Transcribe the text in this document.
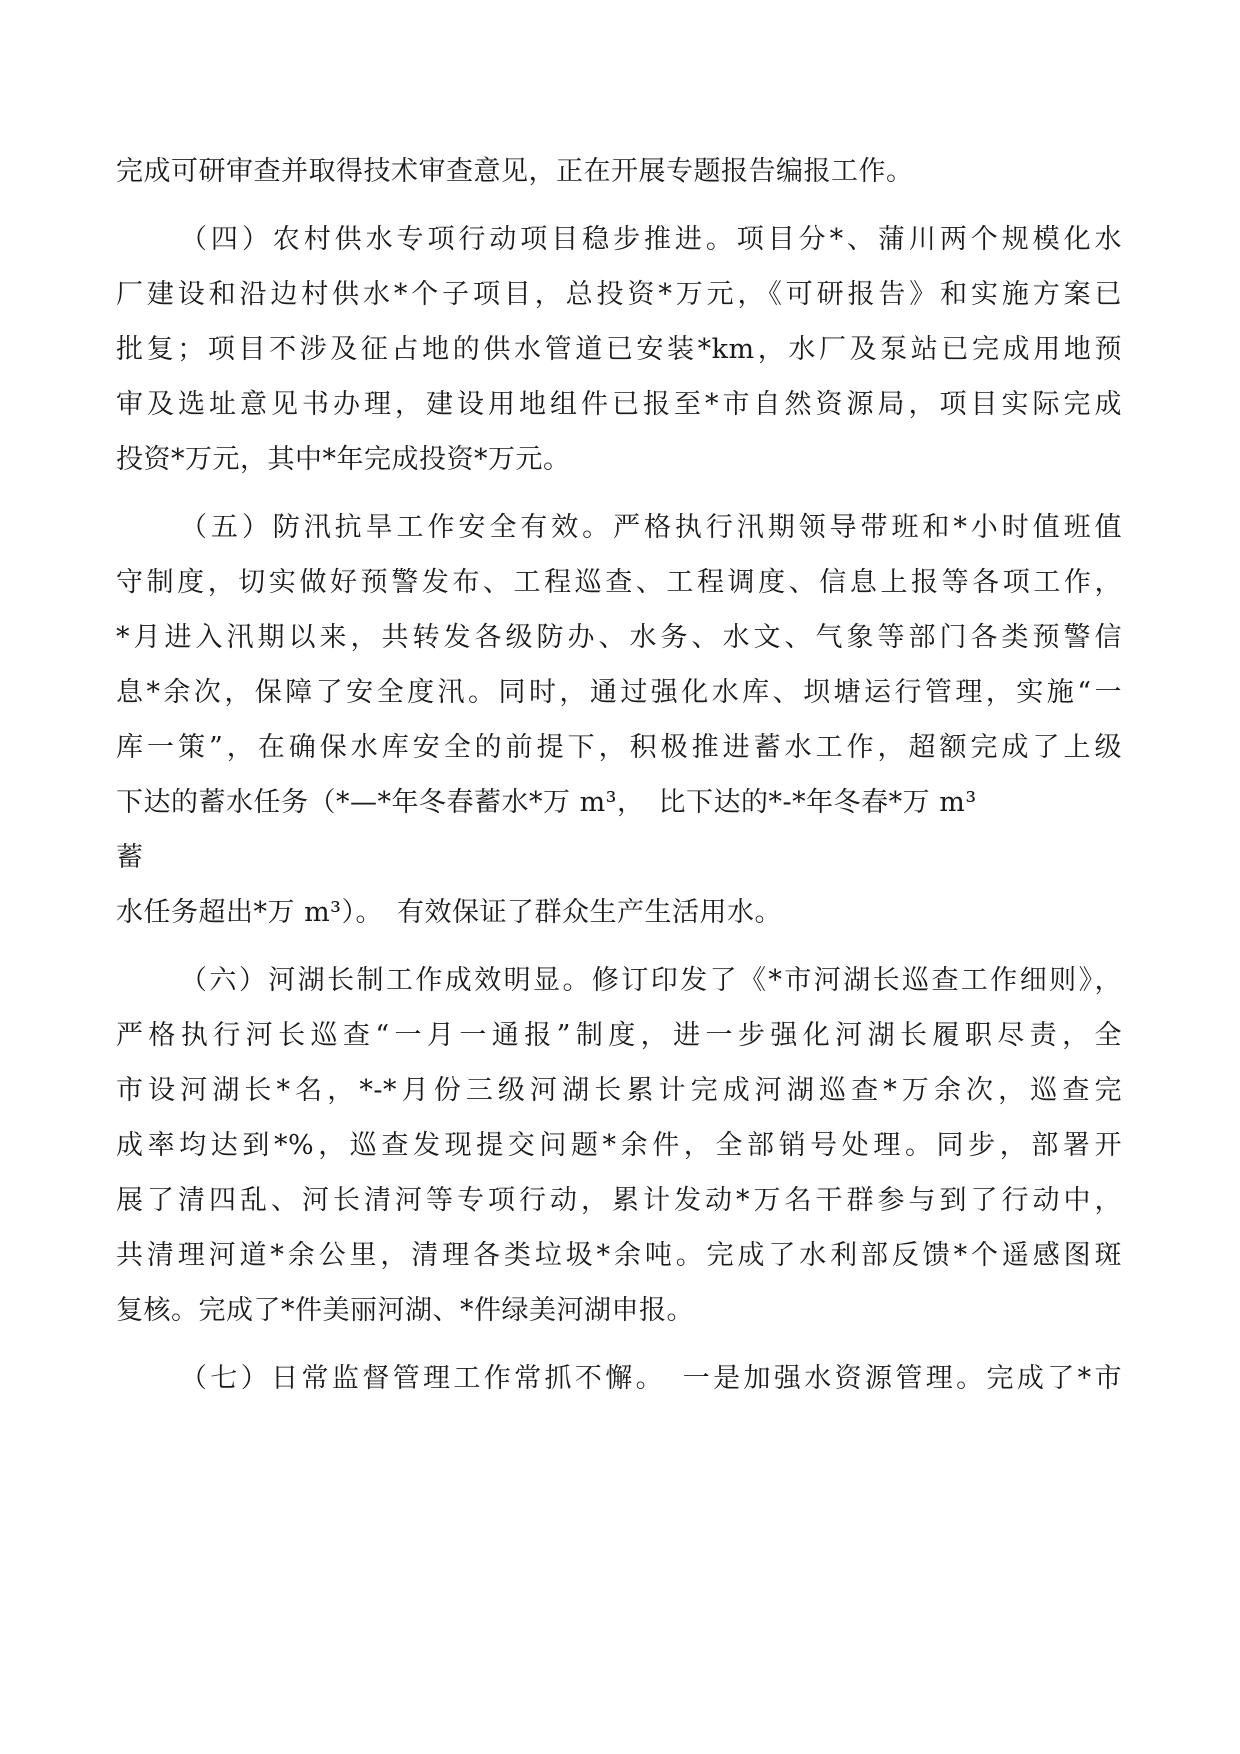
完成可研审查并取得技术审查意见，正在开展专题报告编报工作。

（四）农村供水专项行动项目稳步推进。项目分*、蒲川两个规模化水

厂建设和沿边村供水*个子项目，总投资*万元，《可研报告》和实施方案已

批复；项目不涉及征占地的供水管道已安装*km，水厂及泵站已完成用地预

审及选址意见书办理，建设用地组件已报至*市自然资源局，项目实际完成

投资*万元，其中*年完成投资*万元。

（五）防汛抗旱工作安全有效。严格执行汛期领导带班和*小时值班值

守制度，切实做好预警发布、工程巡查、工程调度、信息上报等各项工作，

*月进入汛期以来，共转发各级防办、水务、水文、气象等部门各类预警信

息*余次，保障了安全度汛。同时，通过强化水库、坝塘运行管理，实施“一

库一策”，在确保水库安全的前提下，积极推进蓄水工作，超额完成了上级

下达的蓄水任务（*—*年冬春蓄水*万 m³，　比下达的*-*年冬春*万 m³

蓄

水任务超出*万 m³）。　有效保证了群众生产生活用水。

（六）河湖长制工作成效明显。修订印发了《*市河湖长巡查工作细则》，

严格执行河长巡查“一月一通报”制度，进一步强化河湖长履职尽责，全

市设河湖长*名，*-*月份三级河湖长累计完成河湖巡查*万余次，巡查完

成率均达到*%，巡查发现提交问题*余件，全部销号处理。同步，部署开

展了清四乱、河长清河等专项行动，累计发动*万名干群参与到了行动中，

共清理河道*余公里，清理各类垃圾*余吨。完成了水利部反馈*个遥感图斑

复核。完成了*件美丽河湖、*件绿美河湖申报。

（七）日常监督管理工作常抓不懈。　一是加强水资源管理。完成了*市
